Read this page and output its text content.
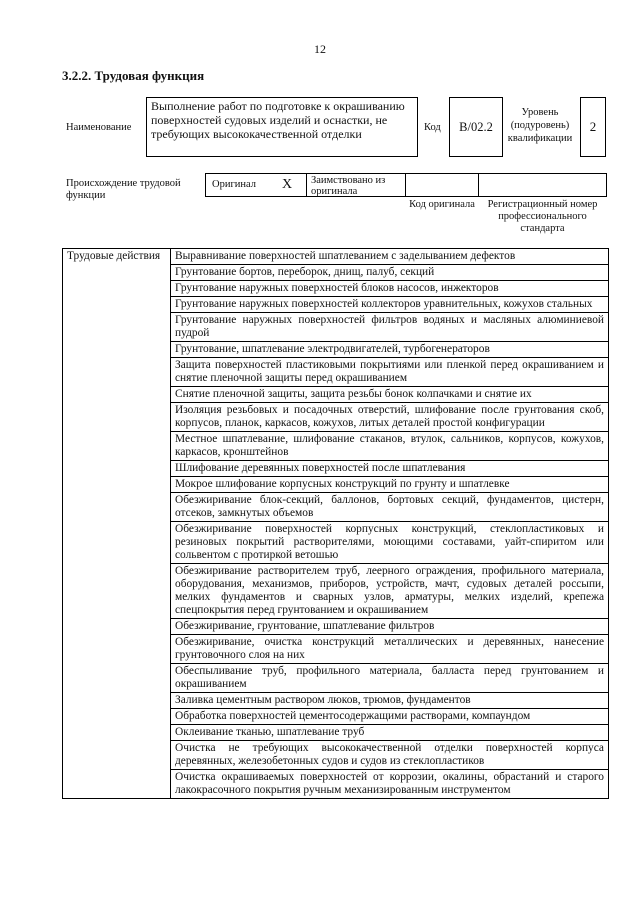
12
3.2.2. Трудовая функция
Наименование
Выполнение работ по подготовке к окрашиванию поверхностей судовых изделий и оснастки, не требующих высококачественной отделки	Код	B/02.2
Уровень (подуровень) квалификации
2
Происхождение трудовой функции
Оригинал X	Заимствовано из оригинала
Код оригинала	Регистрационный номер профессионального стандарта
Трудовые действия	Выравнивание поверхностей шпатлеванием с заделыванием дефектов
Грунтование бортов, переборок, днищ, палуб, секций
Грунтование наружных поверхностей блоков насосов, инжекторов
Грунтование наружных поверхностей коллекторов уравнительных, кожухов стальных
Грунтование наружных поверхностей фильтров водяных и масляных алюминиевой пудрой
Грунтование, шпатлевание электродвигателей, турбогенераторов
Защита поверхностей пластиковыми покрытиями или пленкой перед окрашиванием и снятие пленочной защиты перед окрашиванием
Снятие пленочной защиты, защита резьбы бонок колпачками и снятие их
Изоляция резьбовых и посадочных отверстий, шлифование после грунтования скоб, корпусов, планок, каркасов, кожухов, литых деталей простой конфигурации
Местное шпатлевание, шлифование стаканов, втулок, сальников, корпусов, кожухов, каркасов, кронштейнов
Шлифование деревянных поверхностей после шпатлевания
Мокрое шлифование корпусных конструкций по грунту и шпатлевке
Обезжиривание блок-секций, баллонов, бортовых секций, фундаментов, цистерн, отсеков, замкнутых объемов
Обезжиривание поверхностей корпусных конструкций, стеклопластиковых и резиновых покрытий растворителями, моющими составами, уайт-спиритом или сольвентом с протиркой ветошью
Обезжиривание растворителем труб, леерного ограждения, профильного материала, оборудования, механизмов, приборов, устройств, мачт, судовых деталей россыпи, мелких фундаментов и сварных узлов, арматуры, мелких изделий, крепежа спецпокрытия перед грунтованием и окрашиванием
Обезжиривание, грунтование, шпатлевание фильтров
Обезжиривание, очистка конструкций металлических и деревянных, нанесение грунтовочного слоя на них
Обеспыливание труб, профильного материала, балласта перед грунтованием и окрашиванием
Заливка цементным раствором люков, трюмов, фундаментов
Обработка поверхностей цементосодержащими растворами, компаундом
Оклеивание тканью, шпатлевание труб
Очистка не требующих высококачественной отделки поверхностей корпуса деревянных, железобетонных судов и судов из стеклопластиков
Очистка окрашиваемых поверхностей от коррозии, окалины, обрастаний и старого лакокрасочного покрытия ручным механизированным инструментом
